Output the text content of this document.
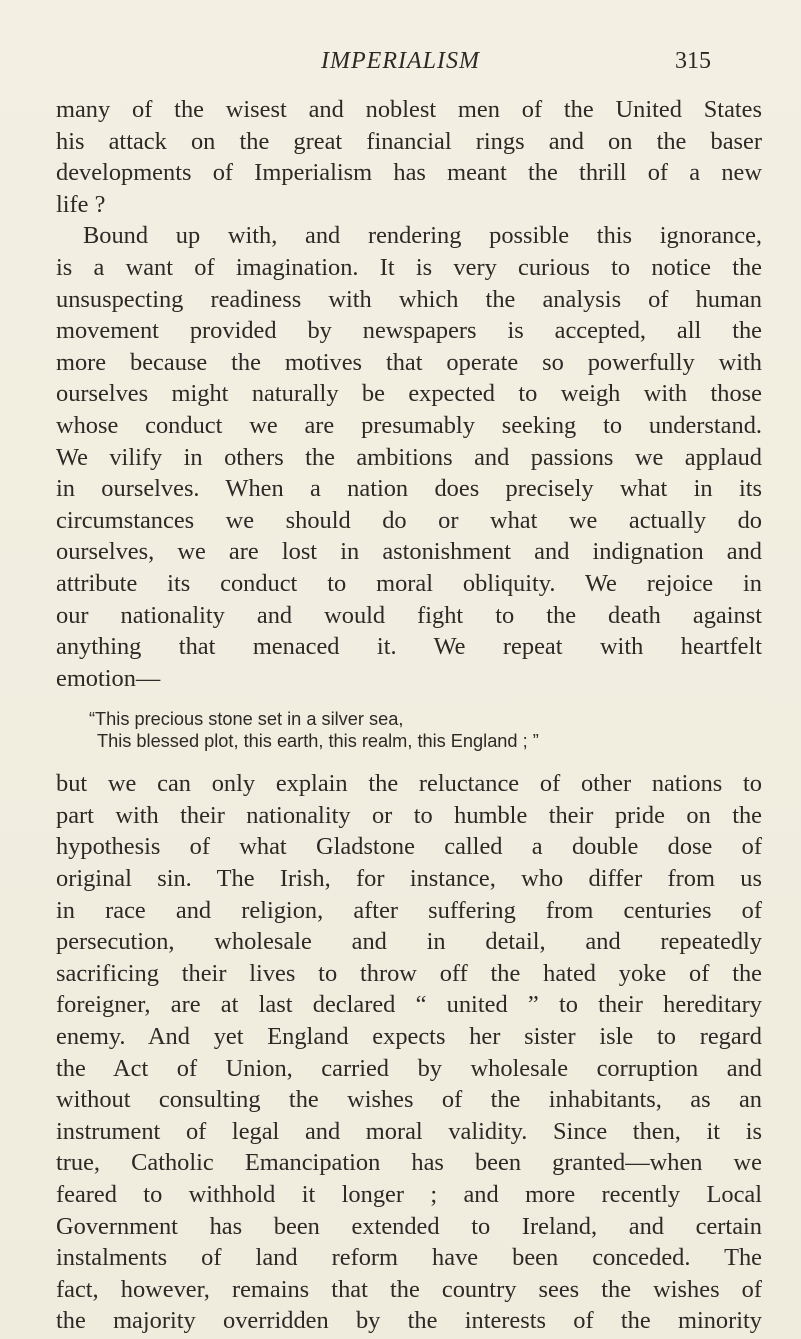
IMPERIALISM	315
many of the wisest and noblest men of the United States
his attack on the great financial rings and on the baser
developments of Imperialism has meant the thrill of a new
life ?
Bound up with, and rendering possible this ignorance,
is a want of imagination. It is very curious to notice the
unsuspecting readiness with which the analysis of human
movement provided by newspapers is accepted, all the
more because the motives that operate so powerfully with
ourselves might naturally be expected to weigh with those
whose conduct we are presumably seeking to understand.
We vilify in others the ambitions and passions we applaud
in ourselves. When a nation does precisely what in its
circumstances we should do or what we actually do
ourselves, we are lost in astonishment and indignation and
attribute its conduct to moral obliquity. We rejoice in
our nationality and would fight to the death against
anything that menaced it. We repeat with heartfelt
emotion—
“This precious stone set in a silver sea,
This blessed plot, this earth, this realm, this England ; ”
but we can only explain the reluctance of other nations to
part with their nationality or to humble their pride on the
hypothesis of what Gladstone called a double dose of
original sin. The Irish, for instance, who differ from us
in race and religion, after suffering from centuries of
persecution, wholesale and in detail, and repeatedly
sacrificing their lives to throw off the hated yoke of the
foreigner, are at last declared “ united ” to their hereditary
enemy. And yet England expects her sister isle to regard
the Act of Union, carried by wholesale corruption and
without consulting the wishes of the inhabitants, as an
instrument of legal and moral validity. Since then, it is
true, Catholic Emancipation has been granted—when we
feared to withhold it longer ; and more recently Local
Government has been extended to Ireland, and certain
instalments of land reform have been conceded. The
fact, however, remains that the country sees the wishes of
the majority overridden by the interests of the minority
